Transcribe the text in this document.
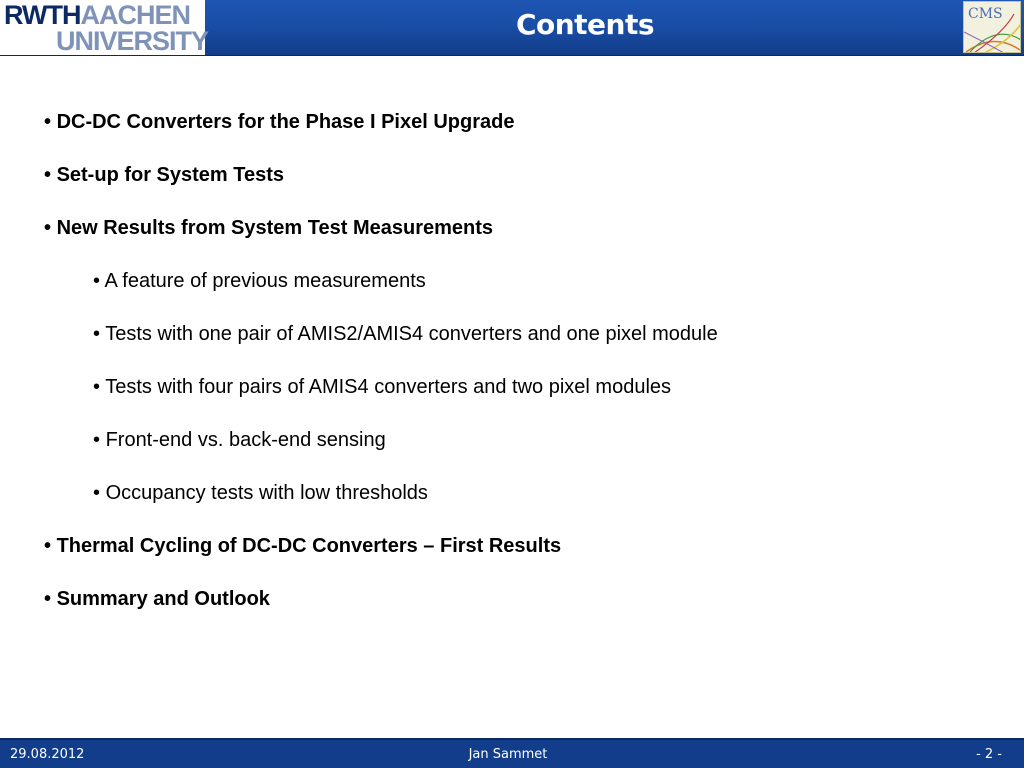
RWTHAACHEN
UNIVERSITY	Contents	CMS
• DC-DC Converters for the Phase I Pixel Upgrade
• Set-up for System Tests
• New Results from System Test Measurements
• A feature of previous measurements
• Tests with one pair of AMIS2/AMIS4 converters and one pixel module
• Tests with four pairs of AMIS4 converters and two pixel modules
• Front-end vs. back-end sensing
• Occupancy tests with low thresholds
• Thermal Cycling of DC-DC Converters – First Results
• Summary and Outlook
29.08.2012	Jan Sammet	- 2 -
